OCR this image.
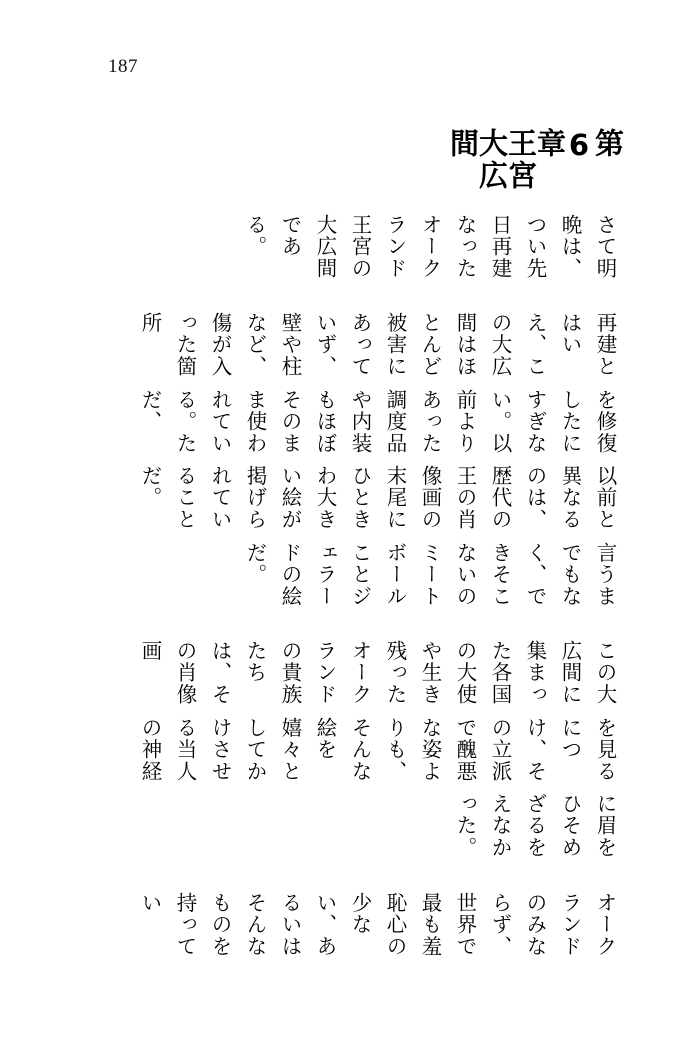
187
第6章　王宮大広間
さて明晩は、つい先日再建なったオークランド王宮の大広間である。
再建とはいえ、この大広間はほとんど被害にあっていず、壁や柱など、傷が入った箇所
を修復したにすぎない。以前よりあった調度品や内装もほぼそのまま使われている。ただ、
以前と異なるのは、歴代の王の肖像画の末尾にひときわ大きい絵が掲げられていることだ。
言うまでもなく、できそこないのミートボールことジェラードの絵だ。
この大広間に集まった各国の大使や生き残ったオークランドの貴族たちは、その肖像画
を見るにつけ、その立派で醜悪な姿よりも、そんな絵を嬉々としてかけさせる当人の神経
に眉をひそめざるをえなかった。
オークランドのみならず、世界で最も羞恥心の少ない、あるいはそんなものを持ってい
